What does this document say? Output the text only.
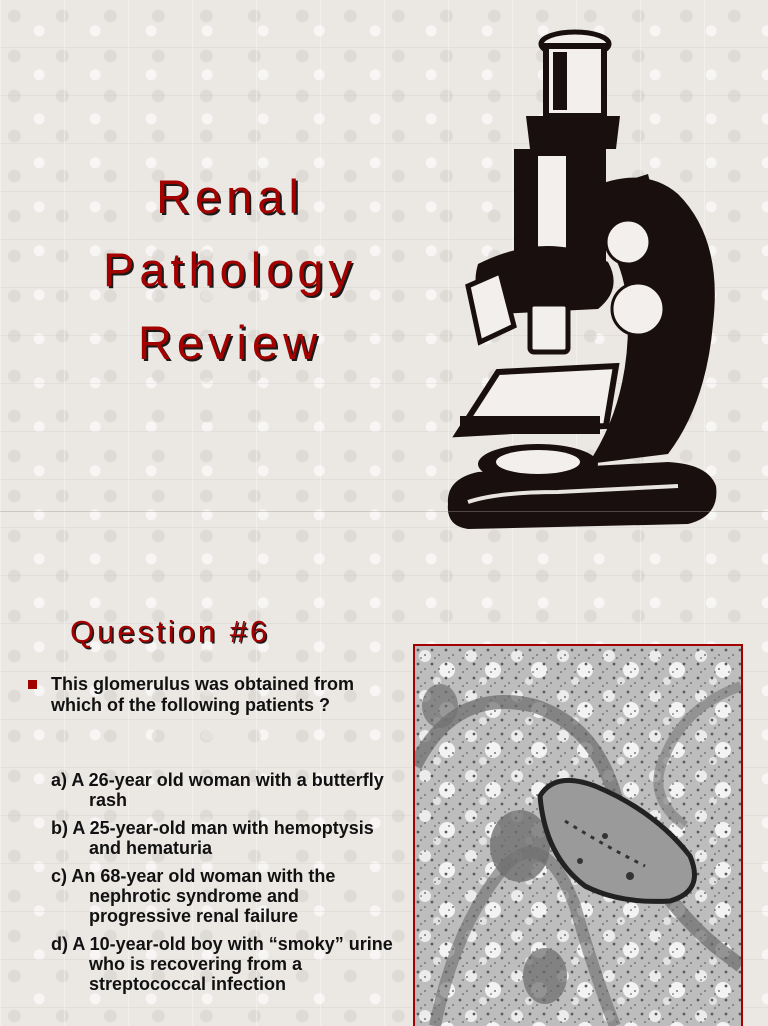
Renal
Pathology
Review
Question #6

This glomerulus was obtained from which of the following patients ?

a) A 26-year old woman with a butterfly rash
b) A 25-year-old man with hemoptysis and hematuria
c) An 68-year old woman with the nephrotic syndrome and progressive renal failure
d) A 10-year-old boy with “smoky” urine who is recovering from a streptococcal infection
